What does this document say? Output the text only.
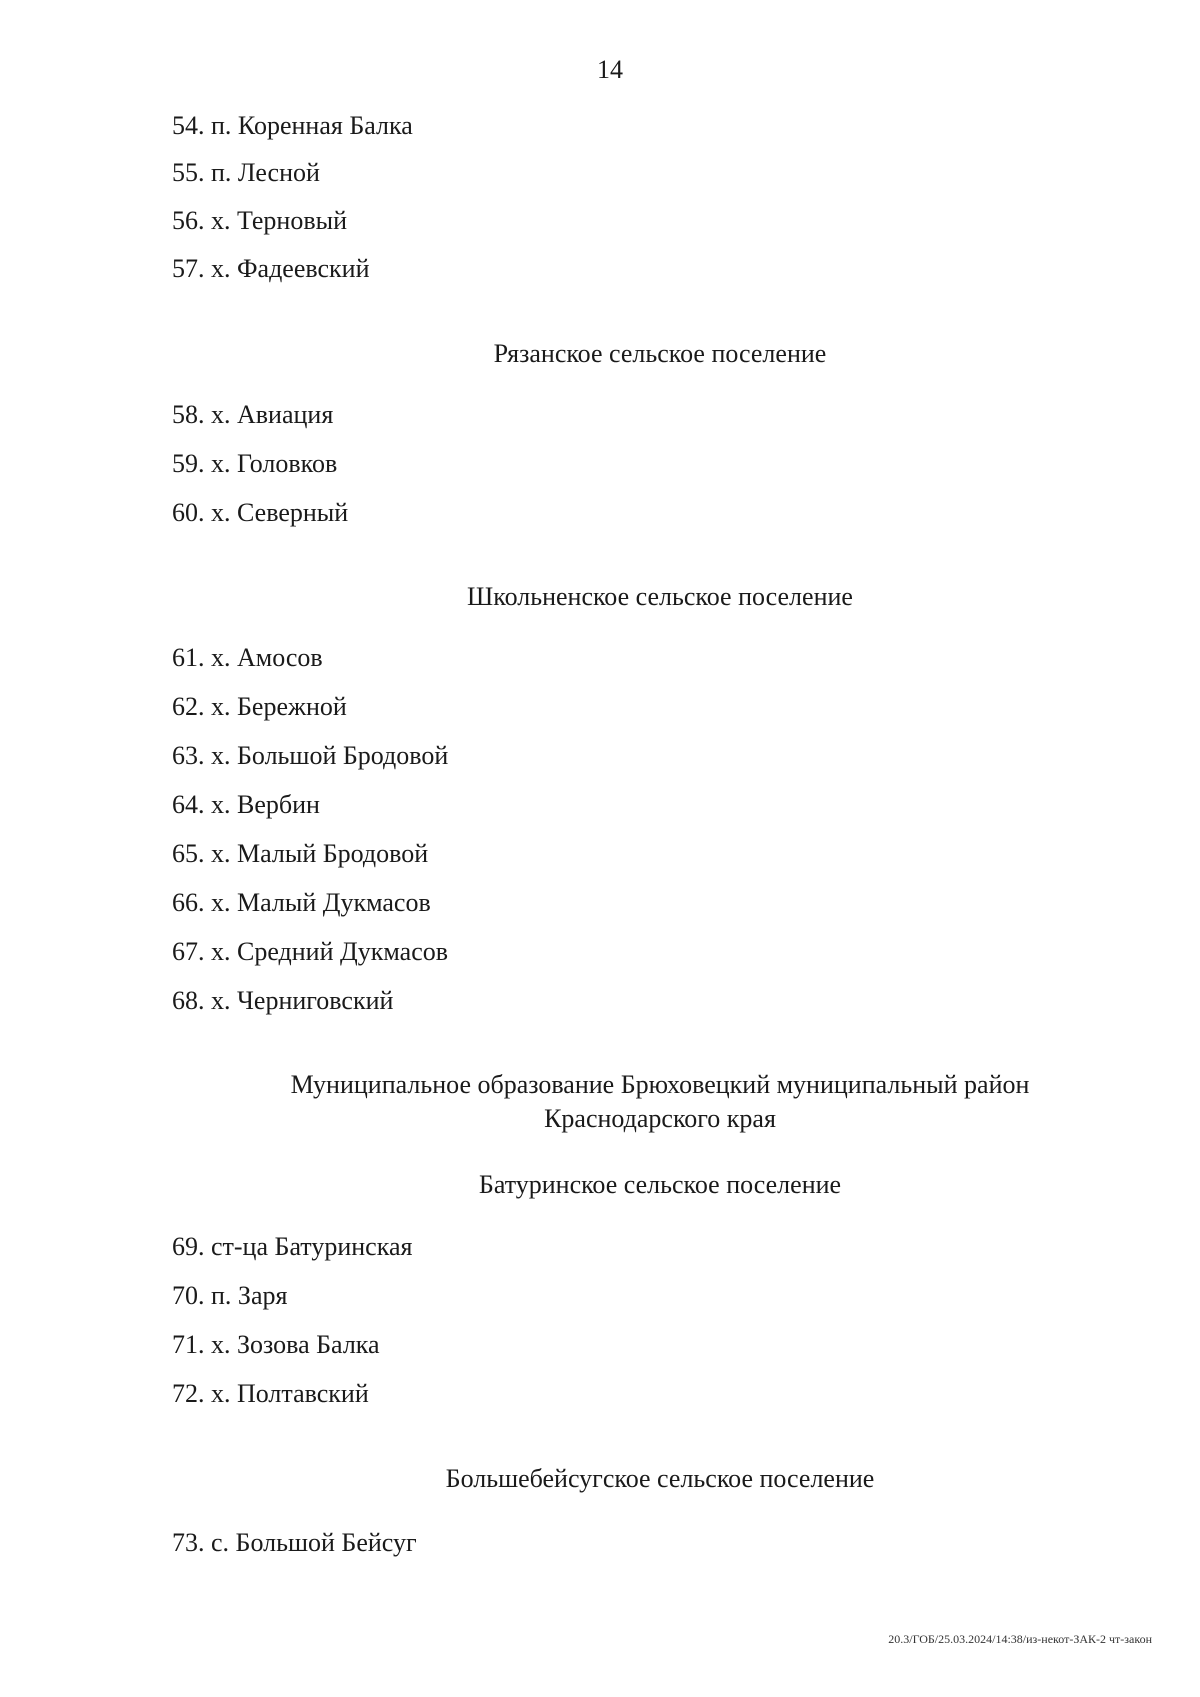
14
54. п. Коренная Балка
55. п. Лесной
56. х. Терновый
57. х. Фадеевский
Рязанское сельское поселение
58. х. Авиация
59. х. Головков
60. х. Северный
Школьненское сельское поселение
61. х. Амосов
62. х. Бережной
63. х. Большой Бродовой
64. х. Вербин
65. х. Малый Бродовой
66. х. Малый Дукмасов
67. х. Средний Дукмасов
68. х. Черниговский
Муниципальное образование Брюховецкий муниципальный район
Краснодарского края
Батуринское сельское поселение
69. ст-ца Батуринская
70. п. Заря
71. х. Зозова Балка
72. х. Полтавский
Большебейсугское сельское поселение
73. с. Большой Бейсуг
20.3/ГОБ/25.03.2024/14:38/из-некот-ЗАК-2 чт-закон
